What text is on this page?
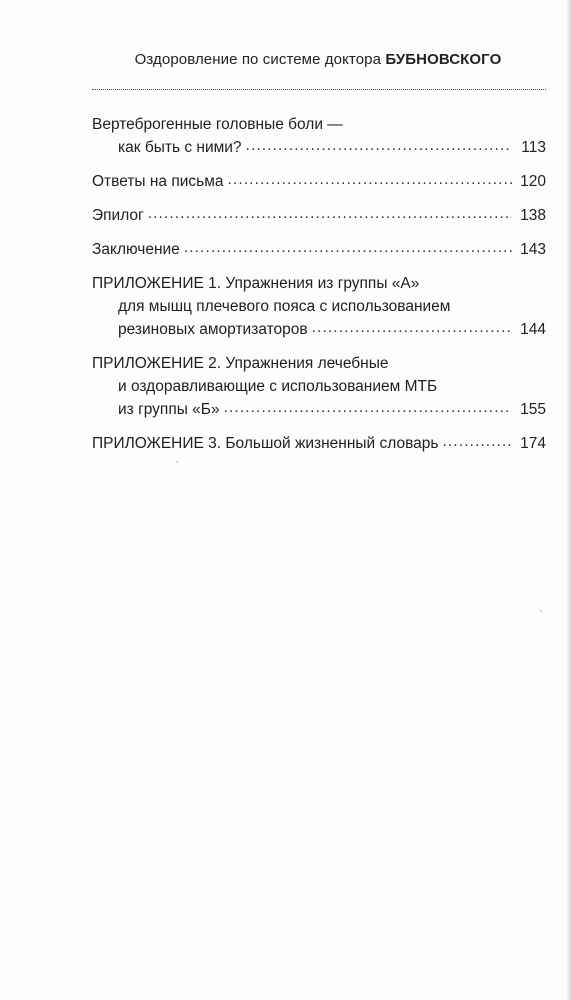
Оздоровление по системе доктора БУБНОВСКОГО
Вертеброгенные головные боли —
как быть с ними? . . .	113
Ответы на письма . . .	120
Эпилог . . .	138
Заключение . . .	143
ПРИЛОЖЕНИЕ 1. Упражнения из группы «А»
для мышц плечевого пояса с использованием
резиновых амортизаторов . . .	144
ПРИЛОЖЕНИЕ 2. Упражнения лечебные
и оздоравливающие с использованием МТБ
из группы «Б» . . .	155
ПРИЛОЖЕНИЕ 3. Большой жизненный словарь . . .	174
